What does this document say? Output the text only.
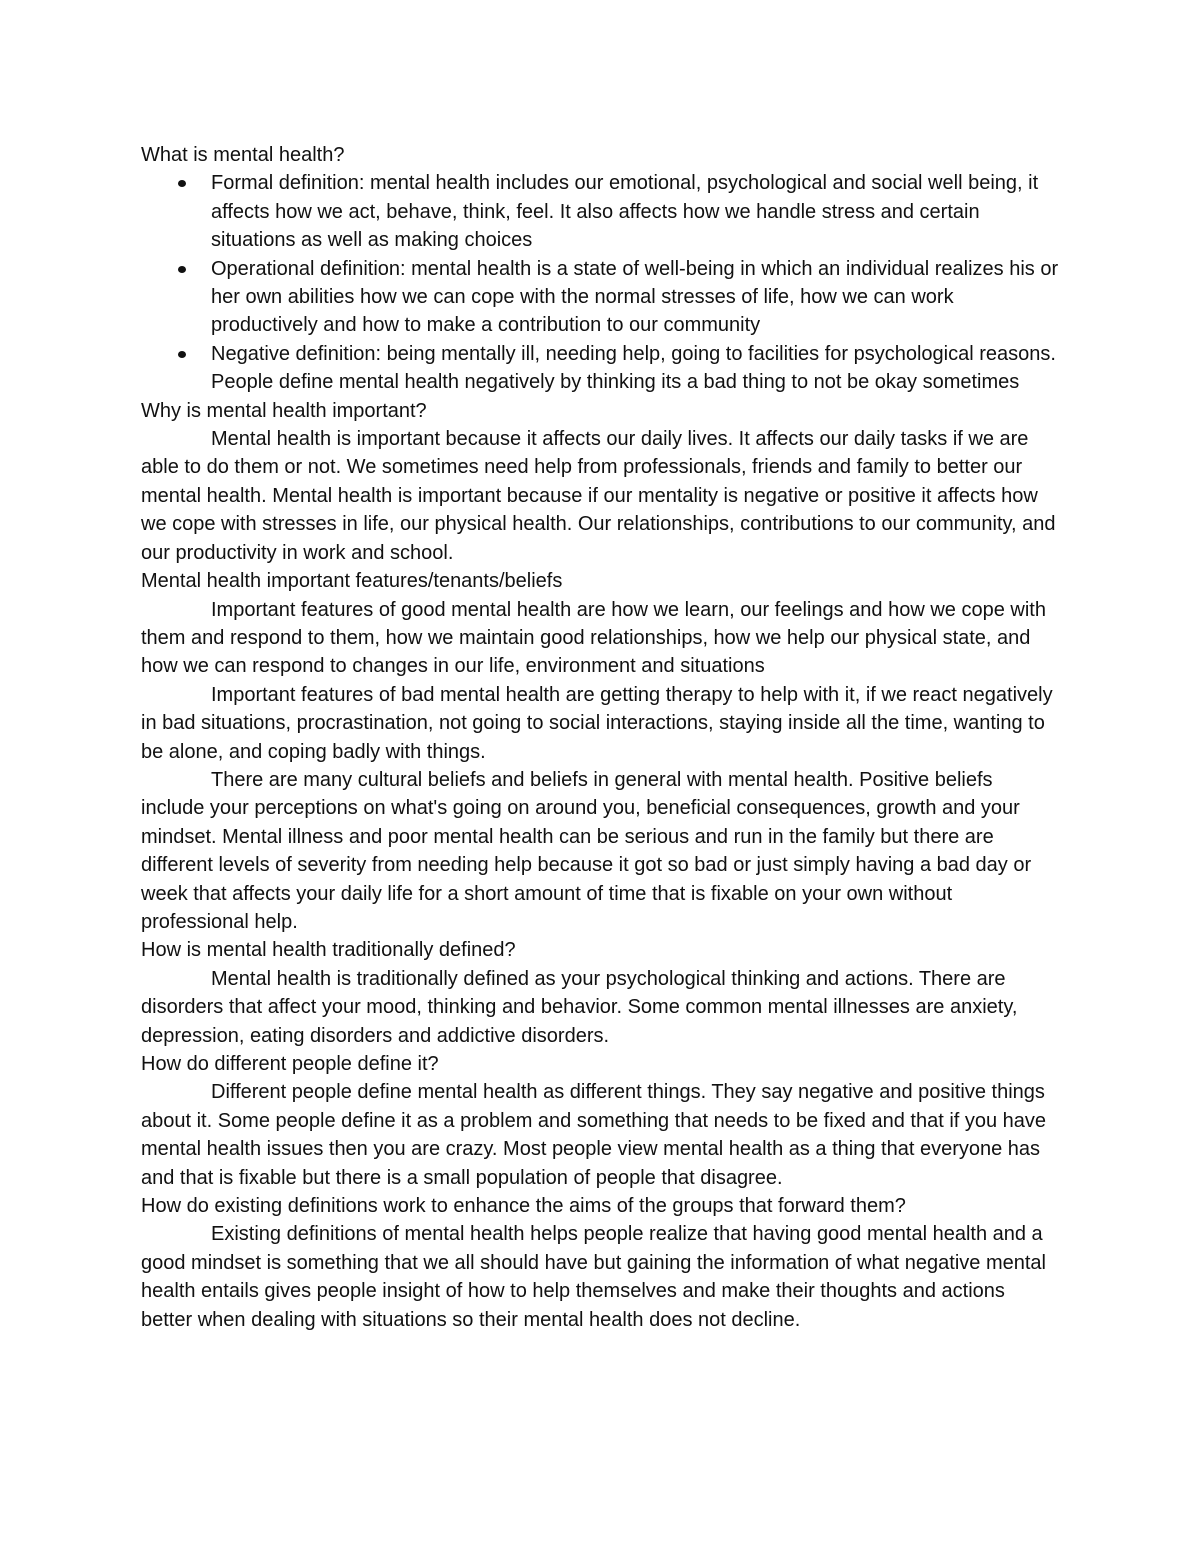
What is mental health?
Formal definition: mental health includes our emotional, psychological and social well being, it affects how we act, behave, think, feel. It also affects how we handle stress and certain situations as well as making choices
Operational definition: mental health is a state of well-being in which an individual realizes his or her own abilities how we can cope with the normal stresses of life, how we can work productively and how to make a contribution to our community
Negative definition: being mentally ill, needing help, going to facilities for psychological reasons. People define mental health negatively by thinking its a bad thing to not be okay sometimes
Why is mental health important?

Mental health is important because it affects our daily lives. It affects our daily tasks if we are able to do them or not. We sometimes need help from professionals, friends and family to better our mental health. Mental health is important because if our mentality is negative or positive it affects how we cope with stresses in life, our physical health. Our relationships, contributions to our community, and our productivity in work and school.

Mental health important features/tenants/beliefs

Important features of good mental health are how we learn, our feelings and how we cope with them and respond to them, how we maintain good relationships, how we help our physical state, and how we can respond to changes in our life, environment and situations

Important features of bad mental health are getting therapy to help with it, if we react negatively in bad situations, procrastination, not going to social interactions, staying inside all the time, wanting to be alone, and coping badly with things.

There are many cultural beliefs and beliefs in general with mental health. Positive beliefs include your perceptions on what's going on around you, beneficial consequences, growth and your mindset. Mental illness and poor mental health can be serious and run in the family but there are different levels of severity from needing help because it got so bad or just simply having a bad day or week that affects your daily life for a short amount of time that is fixable on your own without professional help.

How is mental health traditionally defined?

Mental health is traditionally defined as your psychological thinking and actions. There are disorders that affect your mood, thinking and behavior. Some common mental illnesses are anxiety, depression, eating disorders and addictive disorders.

How do different people define it?

Different people define mental health as different things. They say negative and positive things about it. Some people define it as a problem and something that needs to be fixed and that if you have mental health issues then you are crazy. Most people view mental health as a thing that everyone has and that is fixable but there is a small population of people that disagree.

How do existing definitions work to enhance the aims of the groups that forward them?

Existing definitions of mental health helps people realize that having good mental health and a good mindset is something that we all should have but gaining the information of what negative mental health entails gives people insight of how to help themselves and make their thoughts and actions better when dealing with situations so their mental health does not decline.
